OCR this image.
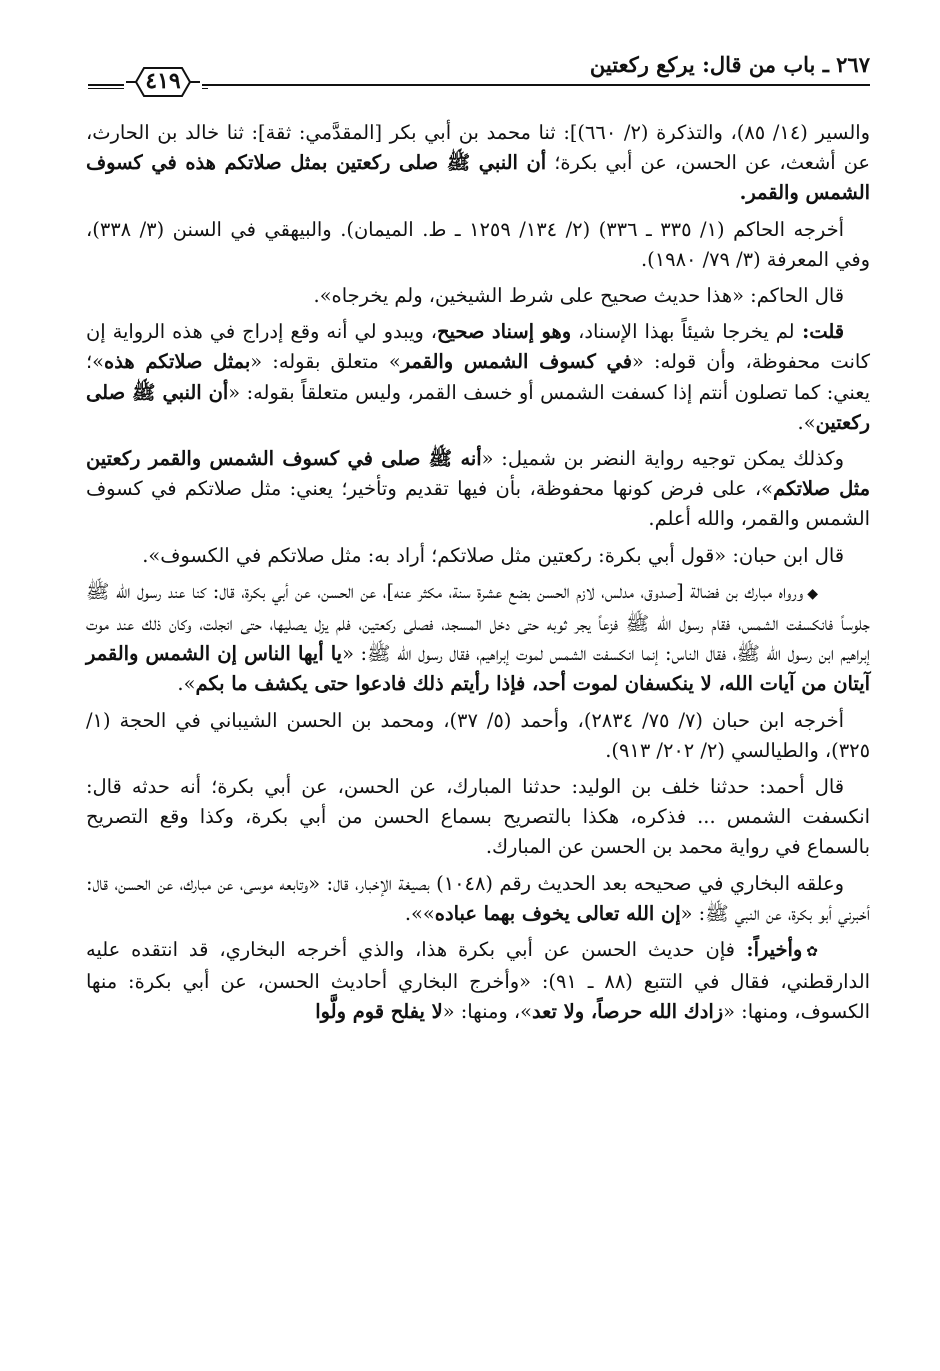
٢٦٧ ـ باب من قال: يركع ركعتين
٤١٩

والسير (١٤/ ٨٥)، والتذكرة (٢/ ٦٦٠)]: ثنا محمد بن أبي بكر [المقدَّمي: ثقة]: ثنا خالد بن الحارث، عن أشعث، عن الحسن، عن أبي بكرة؛ أن النبي ﷺ صلى ركعتين بمثل صلاتكم هذه في كسوف الشمس والقمر.

أخرجه الحاكم (١/ ٣٣٥ ـ ٣٣٦) (٢/ ١٣٤/ ١٢٥٩ ـ ط. الميمان). والبيهقي في السنن (٣/ ٣٣٨)، وفي المعرفة (٣/ ٧٩/ ١٩٨٠).

قال الحاكم: «هذا حديث صحيح على شرط الشيخين، ولم يخرجاه».

قلت: لم يخرجا شيئاً بهذا الإسناد، وهو إسناد صحيح، ويبدو لي أنه وقع إدراج في هذه الرواية إن كانت محفوظة، وأن قوله: «في كسوف الشمس والقمر» متعلق بقوله: «بمثل صلاتكم هذه»؛ يعني: كما تصلون أنتم إذا كسفت الشمس أو خسف القمر، وليس متعلقاً بقوله: «أن النبي ﷺ صلى ركعتين».

وكذلك يمكن توجيه رواية النضر بن شميل: «أنه ﷺ صلى في كسوف الشمس والقمر ركعتين مثل صلاتكم»، على فرض كونها محفوظة، بأن فيها تقديم وتأخير؛ يعني: مثل صلاتكم في كسوف الشمس والقمر، والله أعلم.

قال ابن حبان: «قول أبي بكرة: ركعتين مثل صلاتكم؛ أراد به: مثل صلاتكم في الكسوف».

◆ورواه مبارك بن فضالة [صدوق، مدلس، لازم الحسن بضع عشرة سنة، مكثر عنه]، عن الحسن، عن أبي بكرة، قال: كنا عند رسول الله ﷺ جلوساً فانكسفت الشمس، فقام رسول الله ﷺ فزعاً يجر ثوبه حتى دخل المسجد، فصلى ركعتين، فلم يزل يصليها، حتى انجلت، وكان ذلك عند موت إبراهيم ابن رسول الله ﷺ، فقال الناس: إنما انكسفت الشمس لموت إبراهيم، فقال رسول الله ﷺ: «يا أيها الناس إن الشمس والقمر آيتان من آيات الله، لا ينكسفان لموت أحد، فإذا رأيتم ذلك فادعوا حتى يكشف ما بكم».

أخرجه ابن حبان (٧/ ٧٥/ ٢٨٣٤)، وأحمد (٥/ ٣٧)، ومحمد بن الحسن الشيباني في الحجة (١/ ٣٢٥)، والطيالسي (٢/ ٢٠٢/ ٩١٣).

قال أحمد: حدثنا خلف بن الوليد: حدثنا المبارك، عن الحسن، عن أبي بكرة؛ أنه حدثه قال: انكسفت الشمس ... فذكره، هكذا بالتصريح بسماع الحسن من أبي بكرة، وكذا وقع التصريح بالسماع في رواية محمد بن الحسن عن المبارك.

وعلقه البخاري في صحيحه بعد الحديث رقم (١٠٤٨) بصيغة الإخبار، قال: «وتابعه موسى، عن مبارك، عن الحسن، قال: أخبرني أبو بكرة، عن النبي ﷺ: «إن الله تعالى يخوف بهما عباده»».

✿وأخيراً: فإن حديث الحسن عن أبي بكرة هذا، والذي أخرجه البخاري، قد انتقده عليه الدارقطني، فقال في التتبع (٨٨ ـ ٩١): «وأخرج البخاري أحاديث الحسن، عن أبي بكرة: منها الكسوف، ومنها: «زادك الله حرصاً، ولا تعد»، ومنها: «لا يفلح قوم ولَّوا
